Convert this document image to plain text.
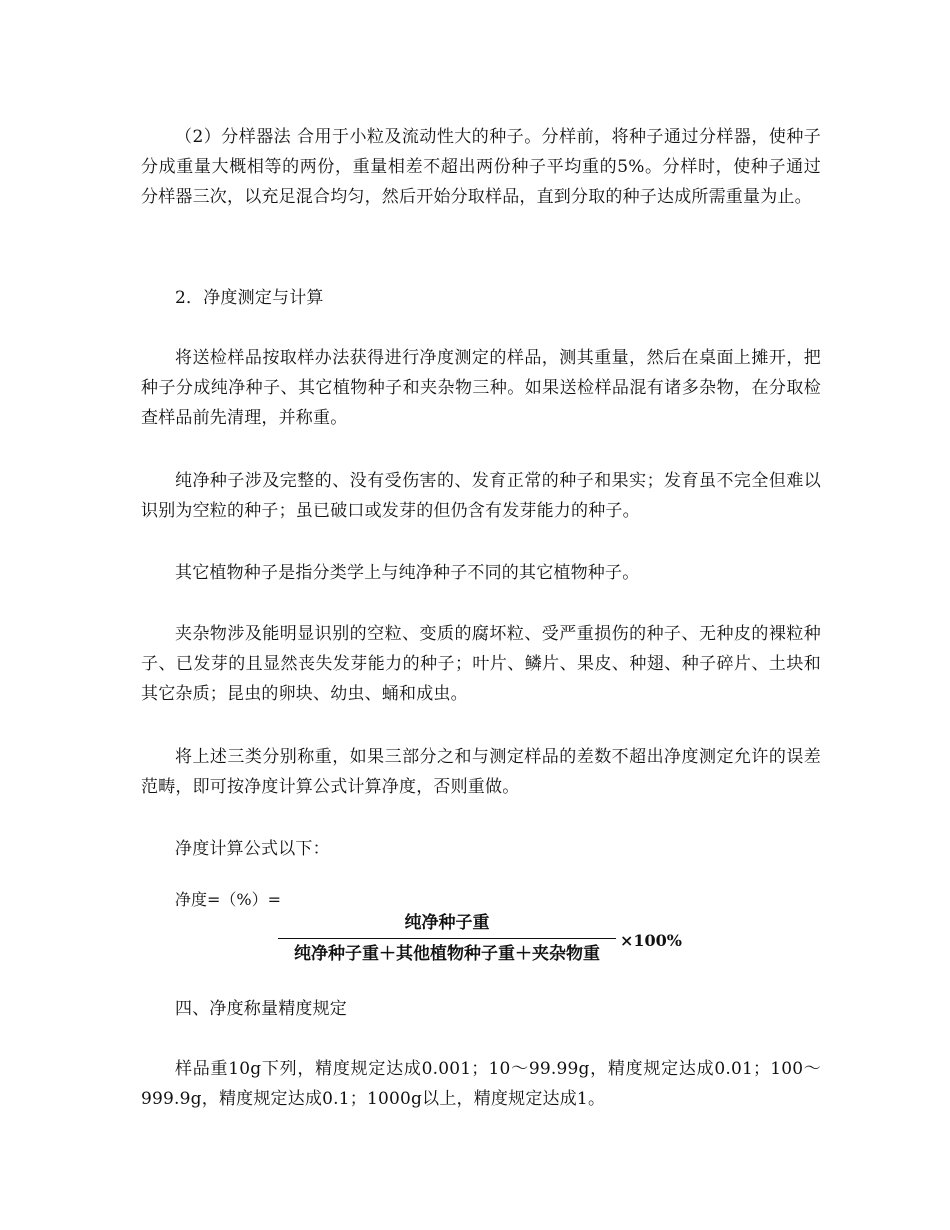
（2）分样器法 合用于小粒及流动性大的种子。分样前，将种子通过分样器，使种子分成重量大概相等的两份，重量相差不超出两份种子平均重的5%。分样时，使种子通过分样器三次，以充足混合均匀，然后开始分取样品，直到分取的种子达成所需重量为止。

2．净度测定与计算

将送检样品按取样办法获得进行净度测定的样品，测其重量，然后在桌面上摊开，把种子分成纯净种子、其它植物种子和夹杂物三种。如果送检样品混有诸多杂物，在分取检查样品前先清理，并称重。

纯净种子涉及完整的、没有受伤害的、发育正常的种子和果实；发育虽不完全但难以识别为空粒的种子；虽已破口或发芽的但仍含有发芽能力的种子。

其它植物种子是指分类学上与纯净种子不同的其它植物种子。

夹杂物涉及能明显识别的空粒、变质的腐坏粒、受严重损伤的种子、无种皮的裸粒种子、已发芽的且显然丧失发芽能力的种子；叶片、鳞片、果皮、种翅、种子碎片、土块和其它杂质；昆虫的卵块、幼虫、蛹和成虫。

将上述三类分别称重，如果三部分之和与测定样品的差数不超出净度测定允许的误差范畴，即可按净度计算公式计算净度，否则重做。

净度计算公式以下：

净度=（%）=

$\frac{\text{纯净种子重}}{\text{纯净种子重＋其他植物种子重＋夹杂物重}} \times 100\%$

四、净度称量精度规定

样品重10g下列，精度规定达成0.001；10～99.99g，精度规定达成0.01；100～999.9g，精度规定达成0.1；1000g以上，精度规定达成1。
